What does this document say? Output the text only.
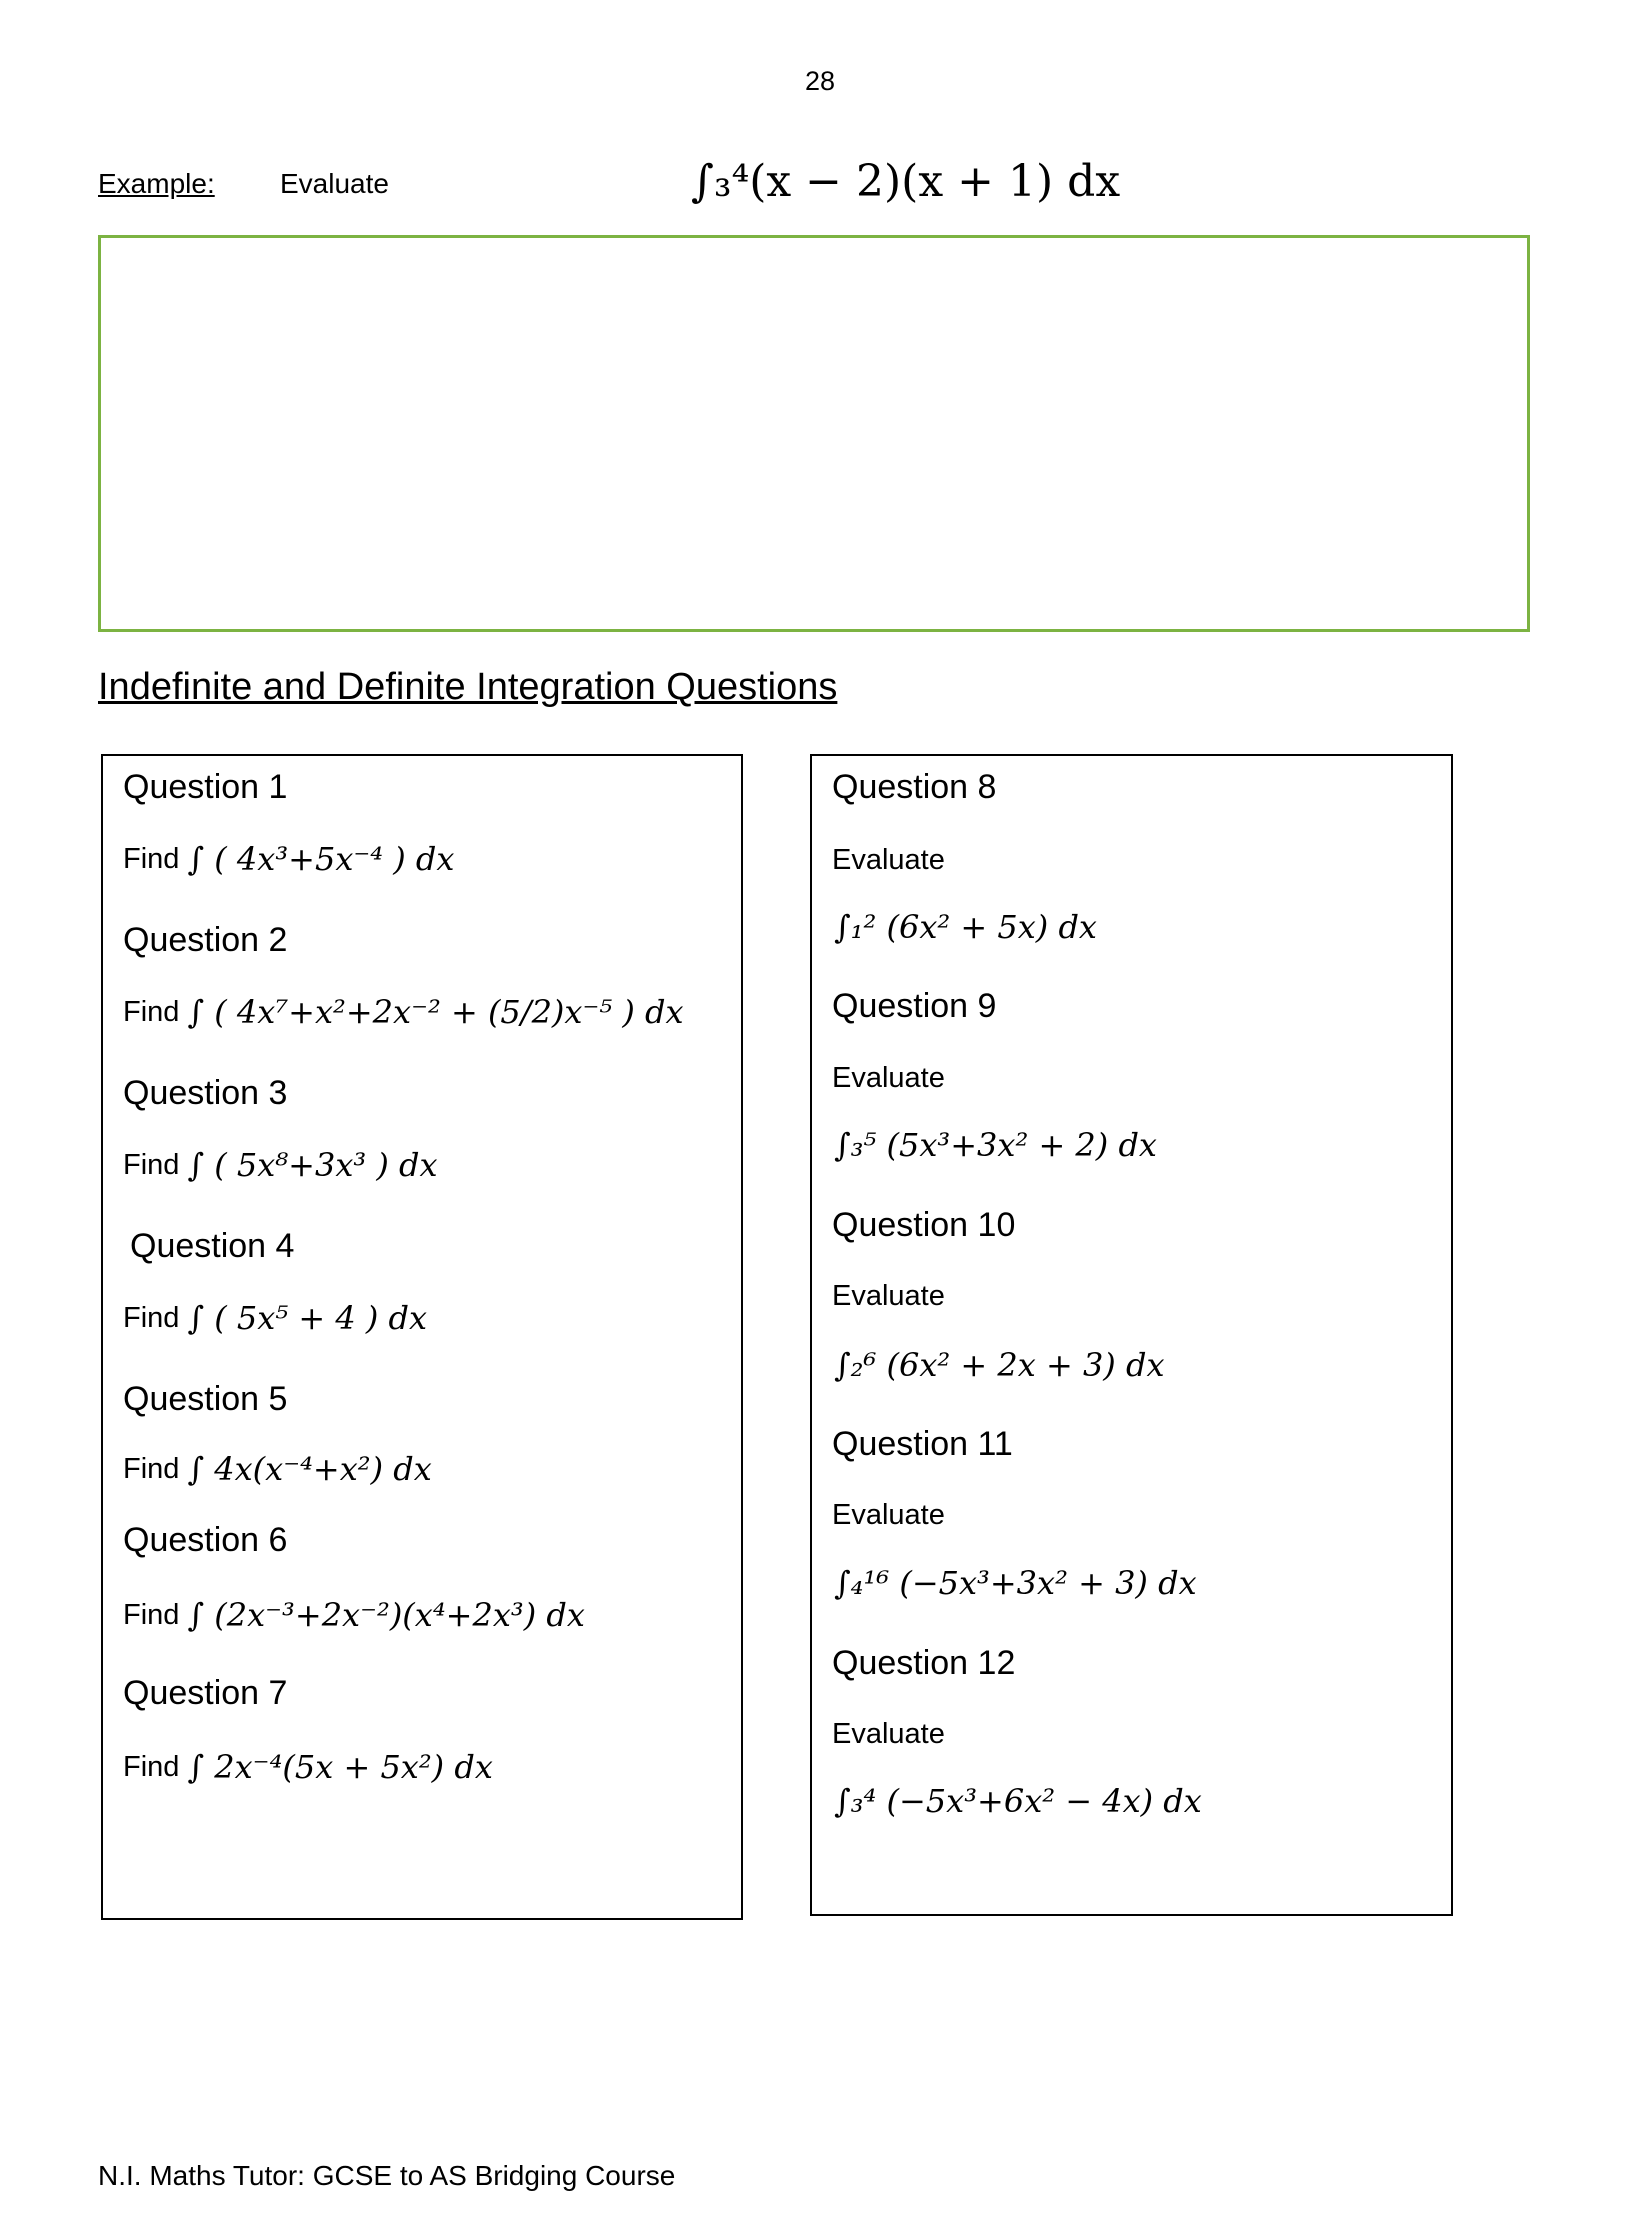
28
Example: Evaluate	∫₃⁴(x − 2)(x + 1) dx
Indefinite and Definite Integration Questions
Question 1
Find ∫ ( 4x³+5x⁻⁴ ) dx
Question 2
Find ∫ ( 4x⁷+x²+2x⁻² + (5/2)x⁻⁵ ) dx
Question 3
Find ∫ ( 5x⁸+3x³ ) dx
Question 4
Find ∫ ( 5x⁵ + 4 ) dx
Question 5
Find ∫ 4x(x⁻⁴+x²) dx
Question 6
Find ∫ (2x⁻³+2x⁻²)(x⁴+2x³) dx
Question 7
Find ∫ 2x⁻⁴(5x + 5x²) dx
Question 8
Evaluate
∫₁² (6x² + 5x) dx
Question 9
Evaluate
∫₃⁵ (5x³+3x² + 2) dx
Question 10
Evaluate
∫₂⁶ (6x² + 2x + 3) dx
Question 11
Evaluate
∫₄¹⁶ (−5x³+3x² + 3) dx
Question 12
Evaluate
∫₃⁴ (−5x³+6x² − 4x) dx
N.I. Maths Tutor: GCSE to AS Bridging Course
